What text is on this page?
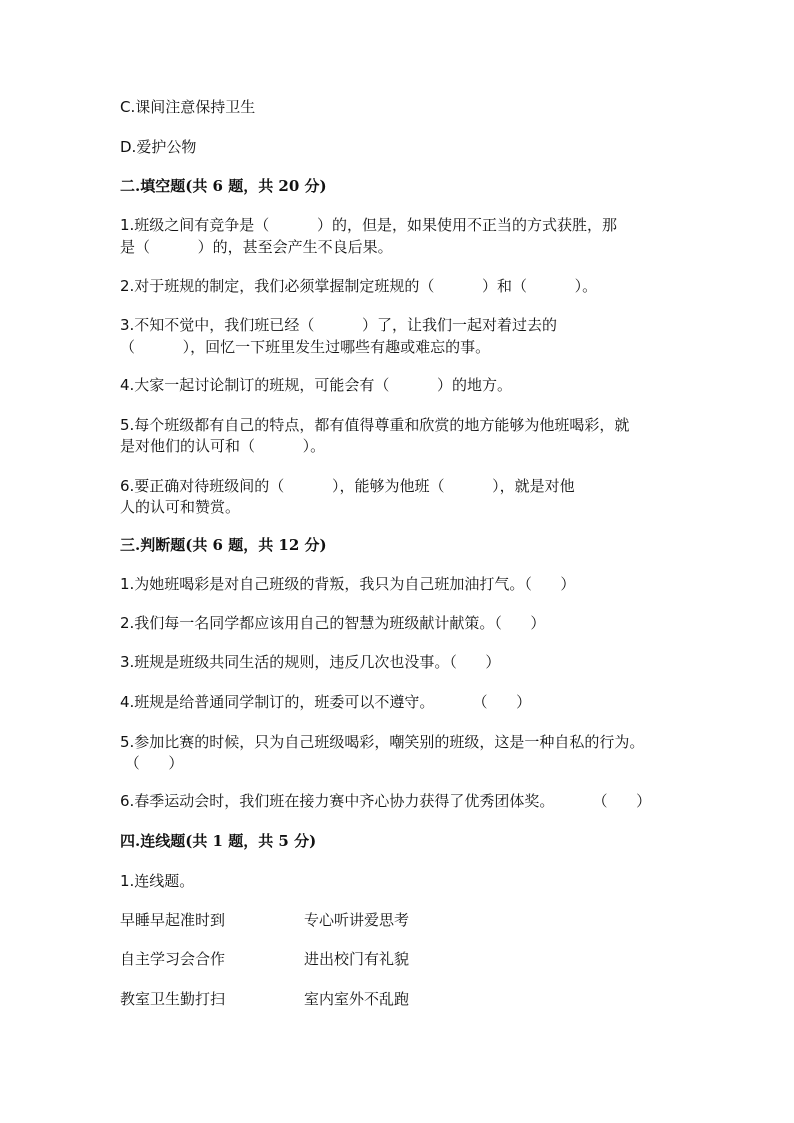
C.课间注意保持卫生
D.爱护公物
二.填空题(共 6 题，共 20 分)
1.班级之间有竞争是（          ）的，但是，如果使用不正当的方式获胜，那
是（          ）的，甚至会产生不良后果。
2.对于班规的制定，我们必须掌握制定班规的（          ）和（          ）。
3.不知不觉中，我们班已经（          ）了，让我们一起对着过去的
（          ），回忆一下班里发生过哪些有趣或难忘的事。
4.大家一起讨论制订的班规，可能会有（          ）的地方。
5.每个班级都有自己的特点，都有值得尊重和欣赏的地方能够为他班喝彩，就
是对他们的认可和（          ）。
6.要正确对待班级间的（          ），能够为他班（          ），就是对他
人的认可和赞赏。
三.判断题(共 6 题，共 12 分)
1.为她班喝彩是对自己班级的背叛，我只为自己班加油打气。（      ）
2.我们每一名同学都应该用自己的智慧为班级献计献策。（      ）
3.班规是班级共同生活的规则，违反几次也没事。（      ）
4.班规是给普通同学制订的，班委可以不遵守。        （      ）
5.参加比赛的时候，只为自己班级喝彩，嘲笑别的班级，这是一种自私的行为。
（      ）
6.春季运动会时，我们班在接力赛中齐心协力获得了优秀团体奖。        （      ）
四.连线题(共 1 题，共 5 分)
1.连线题。
早睡早起准时到	专心听讲爱思考
自主学习会合作	进出校门有礼貌
教室卫生勤打扫	室内室外不乱跑
